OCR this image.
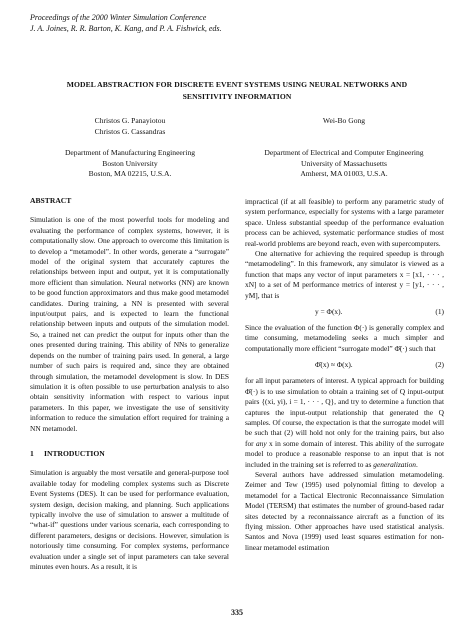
Proceedings of the 2000 Winter Simulation Conference
J. A. Joines, R. R. Barton, K. Kang, and P. A. Fishwick, eds.
MODEL ABSTRACTION FOR DISCRETE EVENT SYSTEMS USING NEURAL NETWORKS AND
SENSITIVITY INFORMATION
Christos G. Panayiotou
Christos G. Cassandras
Department of Manufacturing Engineering
Boston University
Boston, MA 02215, U.S.A.
Wei-Bo Gong
Department of Electrical and Computer Engineering
University of Massachusetts
Amherst, MA 01003, U.S.A.

ABSTRACT

Simulation is one of the most powerful tools for modeling and evaluating the performance of complex systems, however, it is computationally slow. One approach to overcome this limitation is to develop a “metamodel”. In other words, generate a “surrogate” model of the original system that accurately captures the relationships between input and output, yet it is computationally more efficient than simulation. Neural networks (NN) are known to be good function approximators and thus make good metamodel candidates. During training, a NN is presented with several input/output pairs, and is expected to learn the functional relationship between inputs and outputs of the simulation model. So, a trained net can predict the output for inputs other than the ones presented during training. This ability of NNs to generalize depends on the number of training pairs used. In general, a large number of such pairs is required and, since they are obtained through simulation, the metamodel development is slow. In DES simulation it is often possible to use perturbation analysis to also obtain sensitivity information with respect to various input parameters. In this paper, we investigate the use of sensitivity information to reduce the simulation effort required for training a NN metamodel.

1 INTRODUCTION

Simulation is arguably the most versatile and general-purpose tool available today for modeling complex systems such as Discrete Event Systems (DES). It can be used for performance evaluation, system design, decision making, and planning. Such applications typically involve the use of simulation to answer a multitude of “what-if” questions under various scenaria, each corresponding to different parameters, designs or decisions. However, simulation is notoriously time consuming. For complex systems, performance evaluation under a single set of input parameters can take several minutes even hours. As a result, it is

impractical (if at all feasible) to perform any parametric study of system performance, especially for systems with a large parameter space. Unless substantial speedup of the performance evaluation process can be achieved, systematic performance studies of most real-world problems are beyond reach, even with supercomputers.

One alternative for achieving the required speedup is through “metamodeling”. In this framework, any simulator is viewed as a function that maps any vector of input parameters x = [x1, · · · , xN] to a set of M performance metrics of interest y = [y1, · · · , yM], that is

y = Φ(x).	(1)

Since the evaluation of the function Φ(·) is generally complex and time consuming, metamodeling seeks a much simpler and computationally more efficient “surrogate model” Φ̂(·) such that

Φ̂(x) ≈ Φ(x).	(2)

for all input parameters of interest. A typical approach for building Φ̂(·) is to use simulation to obtain a training set of Q input-output pairs {(xi, yi), i = 1, · · · , Q}, and try to determine a function that captures the input-output relationship that generated the Q samples. Of course, the expectation is that the surrogate model will be such that (2) will hold not only for the training pairs, but also for any x in some domain of interest. This ability of the surrogate model to produce a reasonable response to an input that is not included in the training set is referred to as generalization.

Several authors have addressed simulation metamodeling. Zeimer and Tew (1995) used polynomial fitting to develop a metamodel for a Tactical Electronic Reconnaissance Simulation Model (TERSM) that estimates the number of ground-based radar sites detected by a reconnaissance aircraft as a function of its flying mission. Other approaches have used statistical analysis. Santos and Nova (1999) used least squares estimation for non-linear metamodel estimation

335
